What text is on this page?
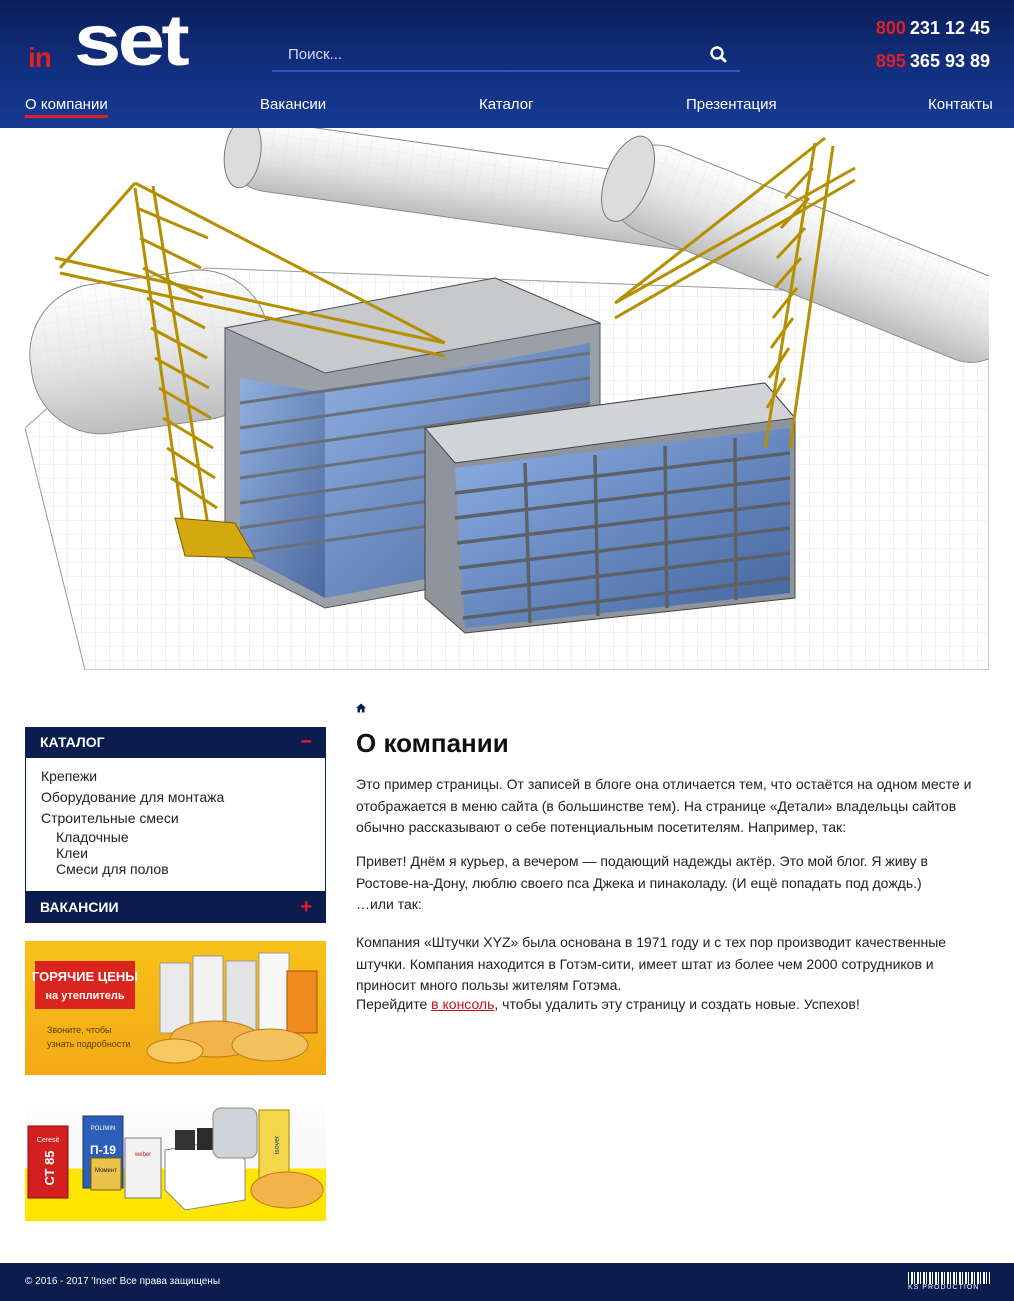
in set
Поиск...	800 231 12 45
895 365 93 89
О компании	Вакансии	Каталог	Презентация	Контакты
КАТАЛОГ	−
Крепежи
Оборудование для монтажа
Строительные смеси
Кладочные
Клеи
Смеси для полов
ВАКАНСИИ	+
ГОРЯЧИЕ ЦЕНЫ
на утеплитель
Звоните, чтобы
узнать подробности
Ceresit
СТ 85
POLIMIN
П-19	weber
Момент
isover
О компании

Это пример страницы. От записей в блоге она отличается тем, что остаётся на одном месте и отображается в меню сайта (в большинстве тем). На странице «Детали» владельцы сайтов обычно рассказывают о себе потенциальным посетителям. Например, так:

Привет! Днём я курьер, а вечером — подающий надежды актёр. Это мой блог. Я живу в Ростове-на-Дону, люблю своего пса Джека и пинаколаду. (И ещё попадать под дождь.)

…или так:

Компания «Штучки XYZ» была основана в 1971 году и с тех пор производит качественные штучки. Компания находится в Готэм-сити, имеет штат из более чем 2000 сотрудников и приносит много пользы жителям Готэма.

Перейдите в консоль, чтобы удалить эту страницу и создать новые. Успехов!

© 2016 - 2017 'Inset' Все права защищены
KS PRODUCTION
